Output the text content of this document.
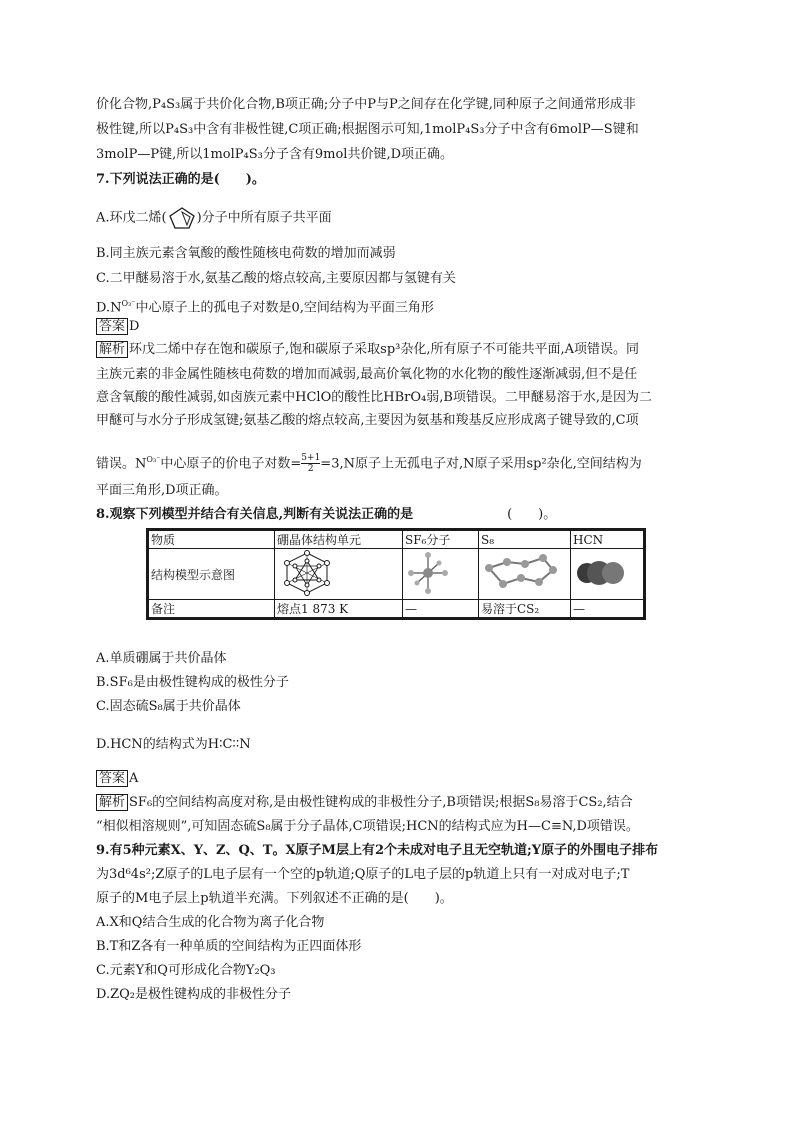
价化合物,P₄S₃属于共价化合物,B项正确;分子中P与P之间存在化学键,同种原子之间通常形成非
极性键,所以P₄S₃中含有非极性键,C项正确;根据图示可知,1molP₄S₃分子中含有6molP—S键和
3molP—P键,所以1molP₄S₃分子含有9mol共价键,D项正确。
7.下列说法正确的是(　　)。
A.环戊二烯( )分子中所有原子共平面
B.同主族元素含氧酸的酸性随核电荷数的增加而减弱
C.二甲醚易溶于水,氨基乙酸的熔点较高,主要原因都与氢键有关
$D.N^{O_3^-}$中心原子上的孤电子对数是0,空间结构为平面三角形
答案 D
解析 环戊二烯中存在饱和碳原子,饱和碳原子采取sp³杂化,所有原子不可能共平面,A项错误。同
主族元素的非金属性随核电荷数的增加而减弱,最高价氧化物的水化物的酸性逐渐减弱,但不是任
意含氧酸的酸性减弱,如卤族元素中HClO的酸性比HBrO₄弱,B项错误。二甲醚易溶于水,是因为二
甲醚可与水分子形成氢键;氨基乙酸的熔点较高,主要因为氨基和羧基反应形成离子键导致的,C项
错误。$N^{O_3^-}$中心原子的价电子对数= $\frac{5+1}{2} =3,N$原子上无孤电子对,N原子采用sp²杂化,空间结构为
平面三角形,D项正确。
8.观察下列模型并结合有关信息,判断有关说法正确的是	(　　)。
物质	硼晶体结构单元	SF₆分子	S₈	HCN
结构模型示意图				
备注	熔点1 873 K	—	易溶于CS₂	—
A.单质硼属于共价晶体
B.SF₆是由极性键构成的极性分子
C.固态硫S₈属于共价晶体
D.HCN的结构式为H∶C∶∶N
答案 A
解析 SF₆的空间结构高度对称,是由极性键构成的非极性分子,B项错误;根据S₈易溶于CS₂,结合
“相似相溶规则”,可知固态硫S₈属于分子晶体,C项错误;HCN的结构式应为H—C≡N,D项错误。
9.有5种元素X、Y、Z、Q、T。X原子M层上有2个未成对电子且无空轨道;Y原子的外围电子排布
为3d⁶4s²;Z原子的L电子层有一个空的p轨道;Q原子的L电子层的p轨道上只有一对成对电子;T
原子的M电子层上p轨道半充满。下列叙述不正确的是(　　)。
A.X和Q结合生成的化合物为离子化合物
B.T和Z各有一种单质的空间结构为正四面体形
C.元素Y和Q可形成化合物Y₂Q₃
D.ZQ₂是极性键构成的非极性分子
